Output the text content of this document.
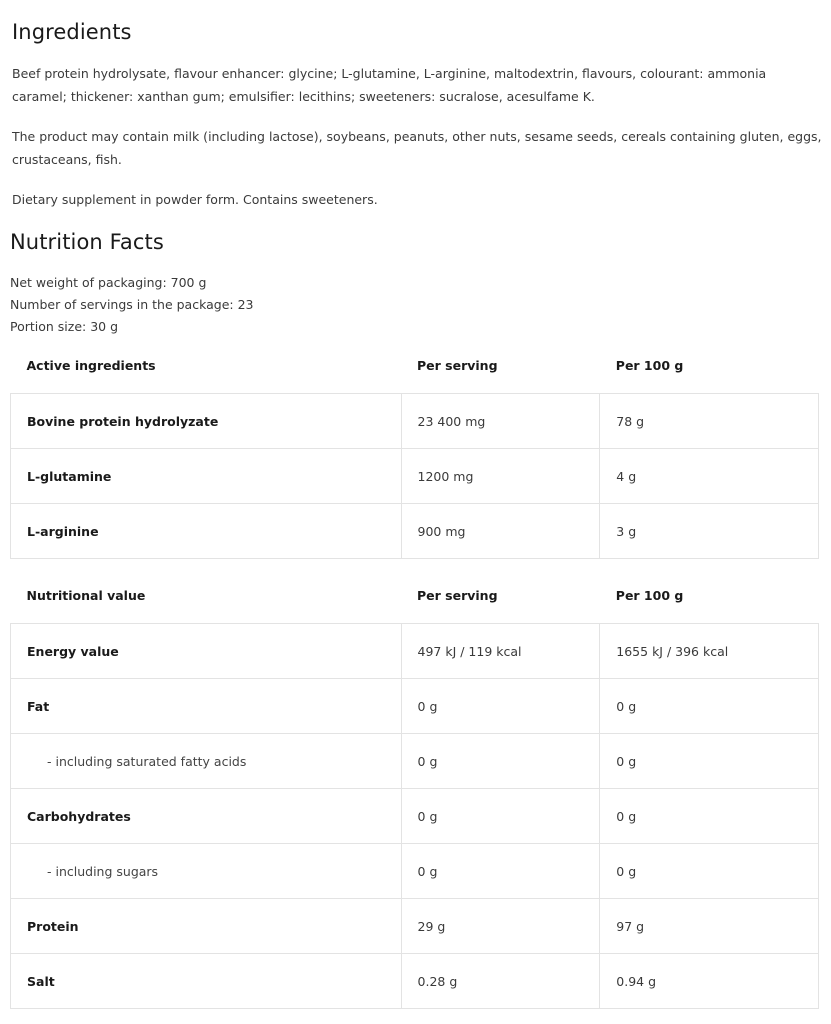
Ingredients

Beef protein hydrolysate, flavour enhancer: glycine; L-glutamine, L-arginine, maltodextrin, flavours, colourant: ammonia caramel; thickener: xanthan gum; emulsifier: lecithins; sweeteners: sucralose, acesulfame K.

The product may contain milk (including lactose), soybeans, peanuts, other nuts, sesame seeds, cereals containing gluten, eggs, crustaceans, fish.

Dietary supplement in powder form. Contains sweeteners.

Nutrition Facts
Net weight of packaging: 700 g
Number of servings in the package: 23
Portion size: 30 g
Active ingredients	Per serving	Per 100 g
Bovine protein hydrolyzate	23 400 mg	78 g
L-glutamine	1200 mg	4 g
L-arginine	900 mg	3 g
Nutritional value	Per serving	Per 100 g
Energy value	497 kJ / 119 kcal	1655 kJ / 396 kcal
Fat	0 g	0 g
- including saturated fatty acids	0 g	0 g
Carbohydrates	0 g	0 g
- including sugars	0 g	0 g
Protein	29 g	97 g
Salt	0.28 g	0.94 g
